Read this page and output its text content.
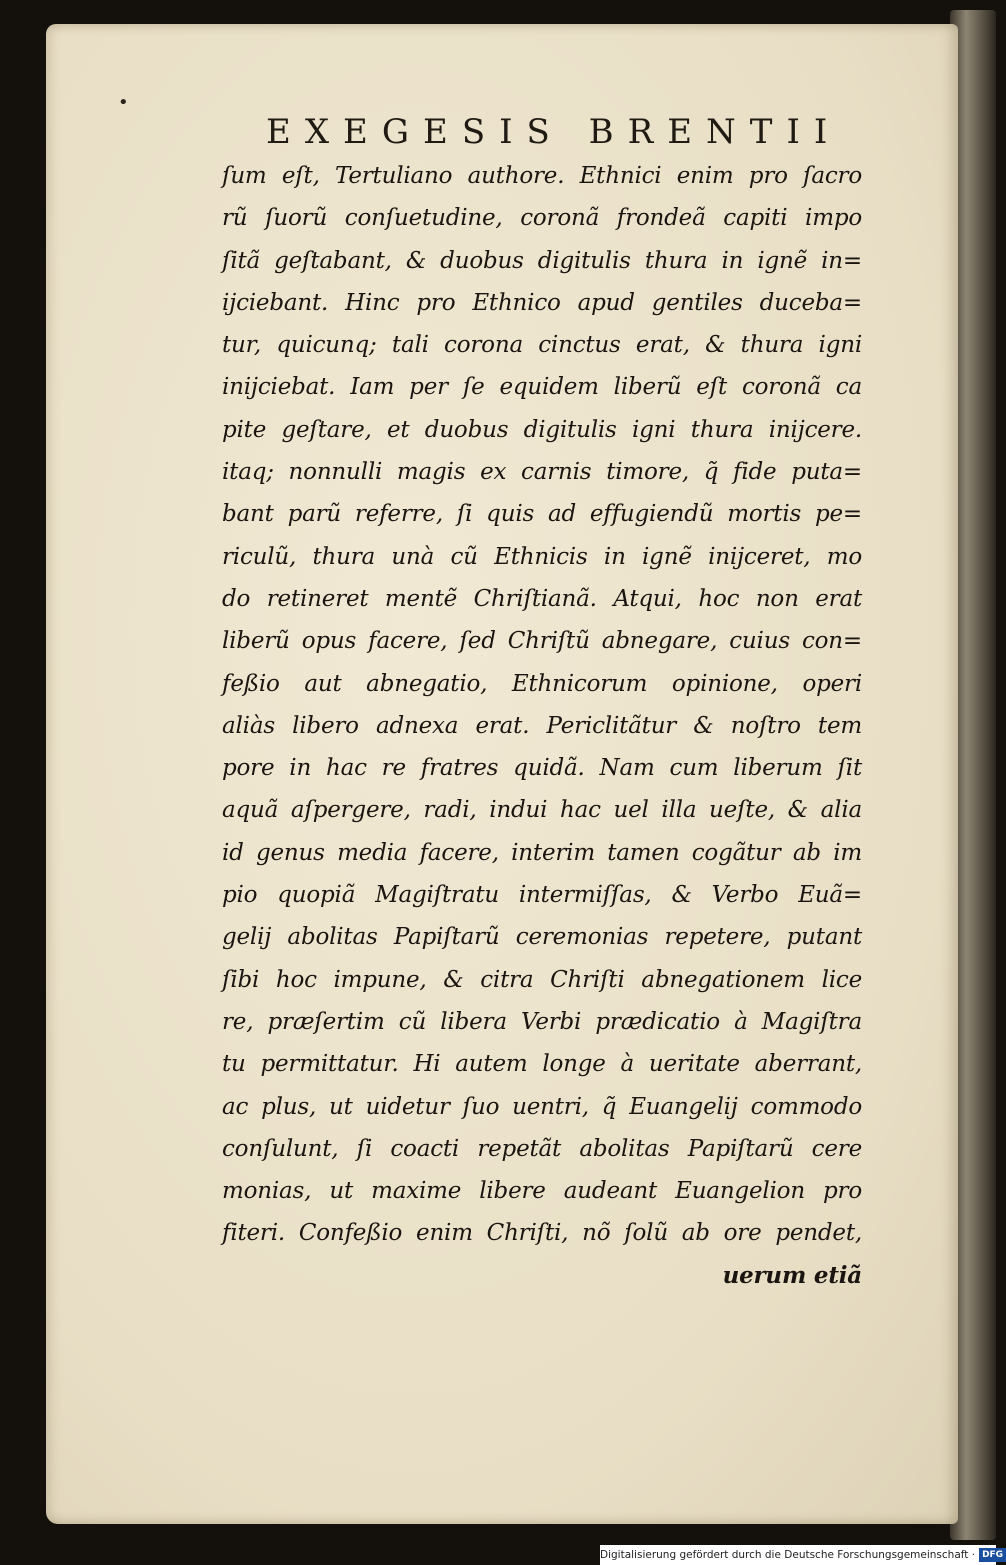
•
EXEGESIS BRENTII
ſum eſt, Tertuliano authore. Ethnici enim pro ſacro
rũ ſuorũ conſuetudine, coronã frondeã capiti impo
ſitã geſtabant, & duobus digitulis thura in ignẽ in=
ijciebant. Hinc pro Ethnico apud gentiles duceba=
tur, quicunq; tali corona cinctus erat, & thura igni
inijciebat. Iam per ſe equidem liberũ eſt coronã ca
pite geſtare, et duobus digitulis igni thura inijcere.
itaq; nonnulli magis ex carnis timore, q̃ fide puta=
bant parũ referre, ſi quis ad effugiendũ mortis pe=
riculũ, thura unà cũ Ethnicis in ignẽ inijceret, mo
do retineret mentẽ Chriſtianã. Atqui, hoc non erat
liberũ opus facere, ſed Chriſtũ abnegare, cuius con=
feßio aut abnegatio, Ethnicorum opinione, operi
aliàs libero adnexa erat. Periclitãtur & noſtro tem
pore in hac re fratres quidã. Nam cum liberum ſit
aquã aſpergere, radi, indui hac uel illa ueſte, & alia
id genus media facere, interim tamen cogãtur ab im
pio quopiã Magiſtratu intermiſſas, & Verbo Euã=
gelij abolitas Papiſtarũ ceremonias repetere, putant
ſibi hoc impune, & citra Chriſti abnegationem lice
re, præſertim cũ libera Verbi prædicatio à Magiſtra
tu permittatur. Hi autem longe à ueritate aberrant,
ac plus, ut uidetur ſuo uentri, q̃ Euangelij commodo
conſulunt, ſi coacti repetãt abolitas Papiſtarũ cere
monias, ut maxime libere audeant Euangelion pro
fiteri. Confeßio enim Chriſti, nõ ſolũ ab ore pendet,
uerum etiã
Digitalisierung gefördert durch die Deutsche Forschungsgemeinschaft · DFG
